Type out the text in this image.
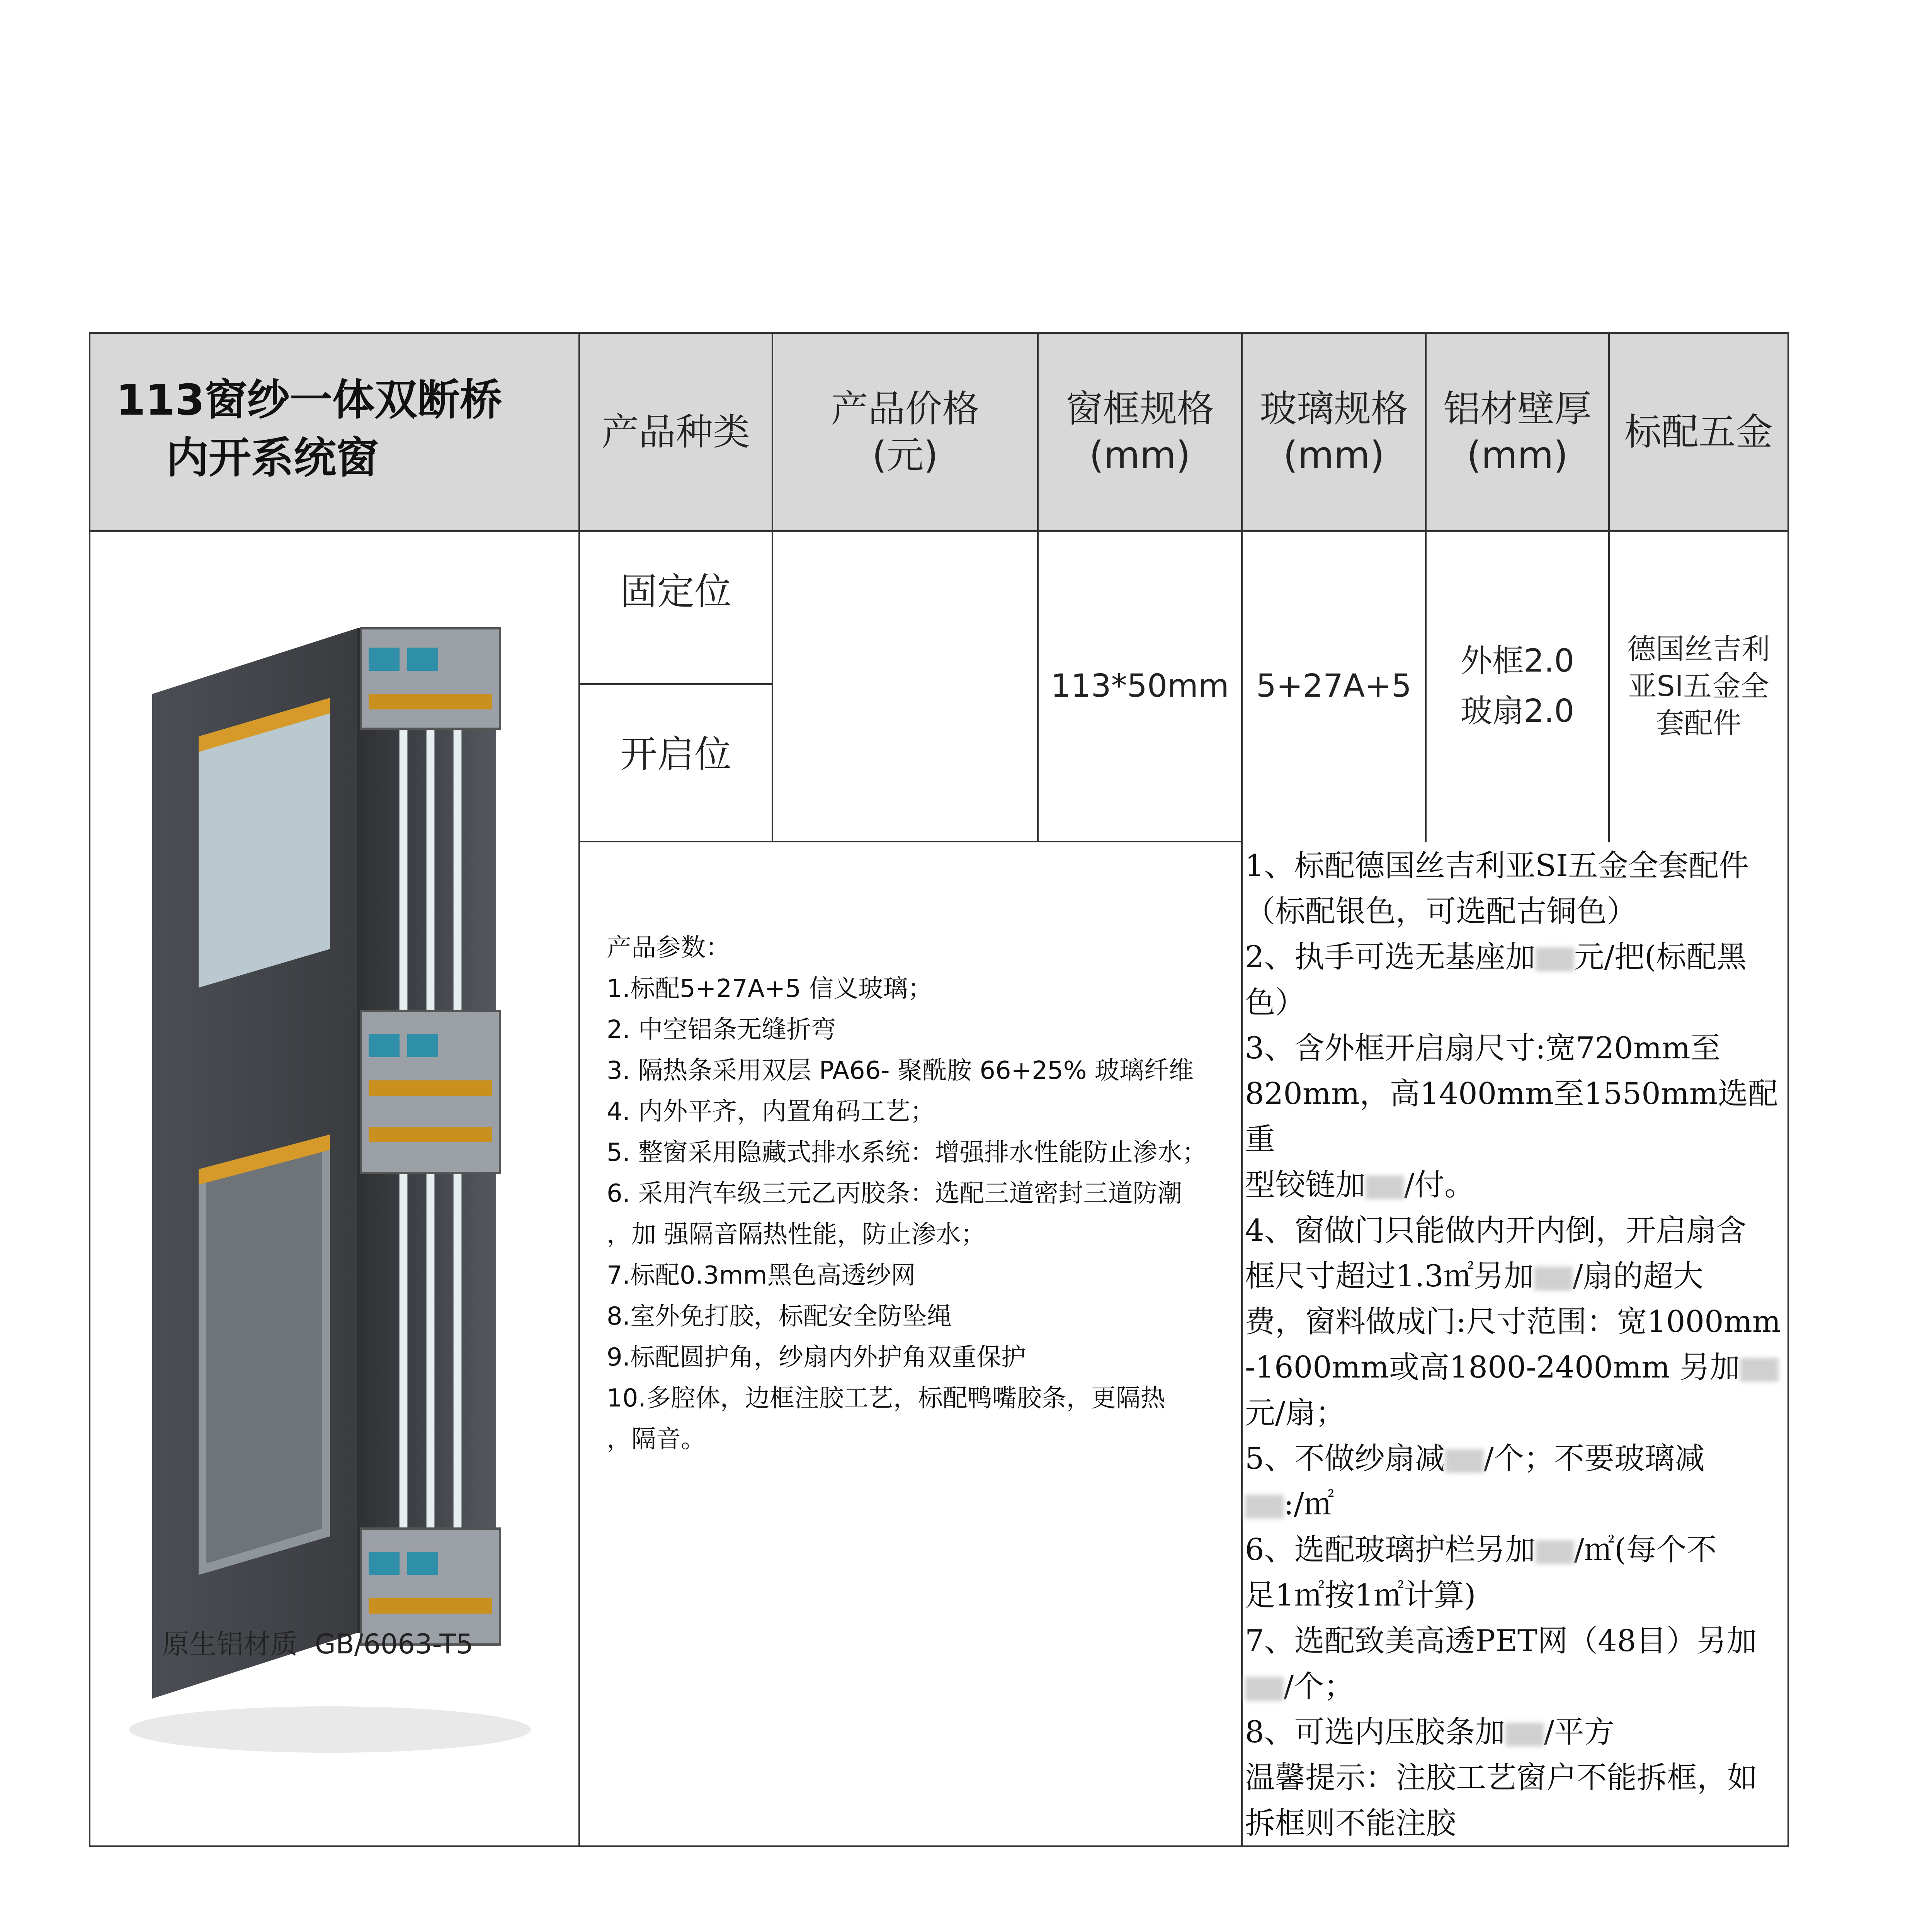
113窗纱一体双断桥
内开系统窗
产品种类
产品价格
(元)
窗框规格
(mm)
玻璃规格
(mm)
铝材壁厚
(mm)
标配五金
固定位
开启位
113*50mm 5+27A+5
外框2.0
玻扇2.0
德国丝吉利
亚SI五金全
套配件
原生铝材质  GB/6063-T5
产品参数：
1.标配5+27A+5 信义玻璃；
2. 中空铝条无缝折弯
3. 隔热条采用双层 PA66- 聚酰胺 66+25% 玻璃纤维
4. 内外平齐，内置角码工艺；
5. 整窗采用隐藏式排水系统：增强排水性能防止渗水；
6. 采用汽车级三元乙丙胶条：选配三道密封三道防潮
，加 强隔音隔热性能，防止渗水；
7.标配0.3mm黑色高透纱网
8.室外免打胶，标配安全防坠绳
9.标配圆护角，纱扇内外护角双重保护
10.多腔体，边框注胶工艺，标配鸭嘴胶条，更隔热
，隔音。
1、标配德国丝吉利亚SI五金全套配件
（标配银色，可选配古铜色）
2、执手可选无基座加 元/把(标配黑
色）
3、含外框开启扇尺寸:宽720mm至
820mm，高1400mm至1550mm选配重
型铰链加 /付。
4、窗做门只能做内开内倒，开启扇含
框尺寸超过1.3㎡另加 /扇的超大
费，窗料做成门:尺寸范围：宽1000mm
-1600mm或高1800-2400mm 另加
元/扇；
5、不做纱扇减 /个；不要玻璃减
:/㎡
6、选配玻璃护栏另加 /㎡(每个不
足1㎡按1㎡计算)
7、选配致美高透PET网（48目）另加
/个；
8、可选内压胶条加 /平方
温馨提示：注胶工艺窗户不能拆框，如
拆框则不能注胶
